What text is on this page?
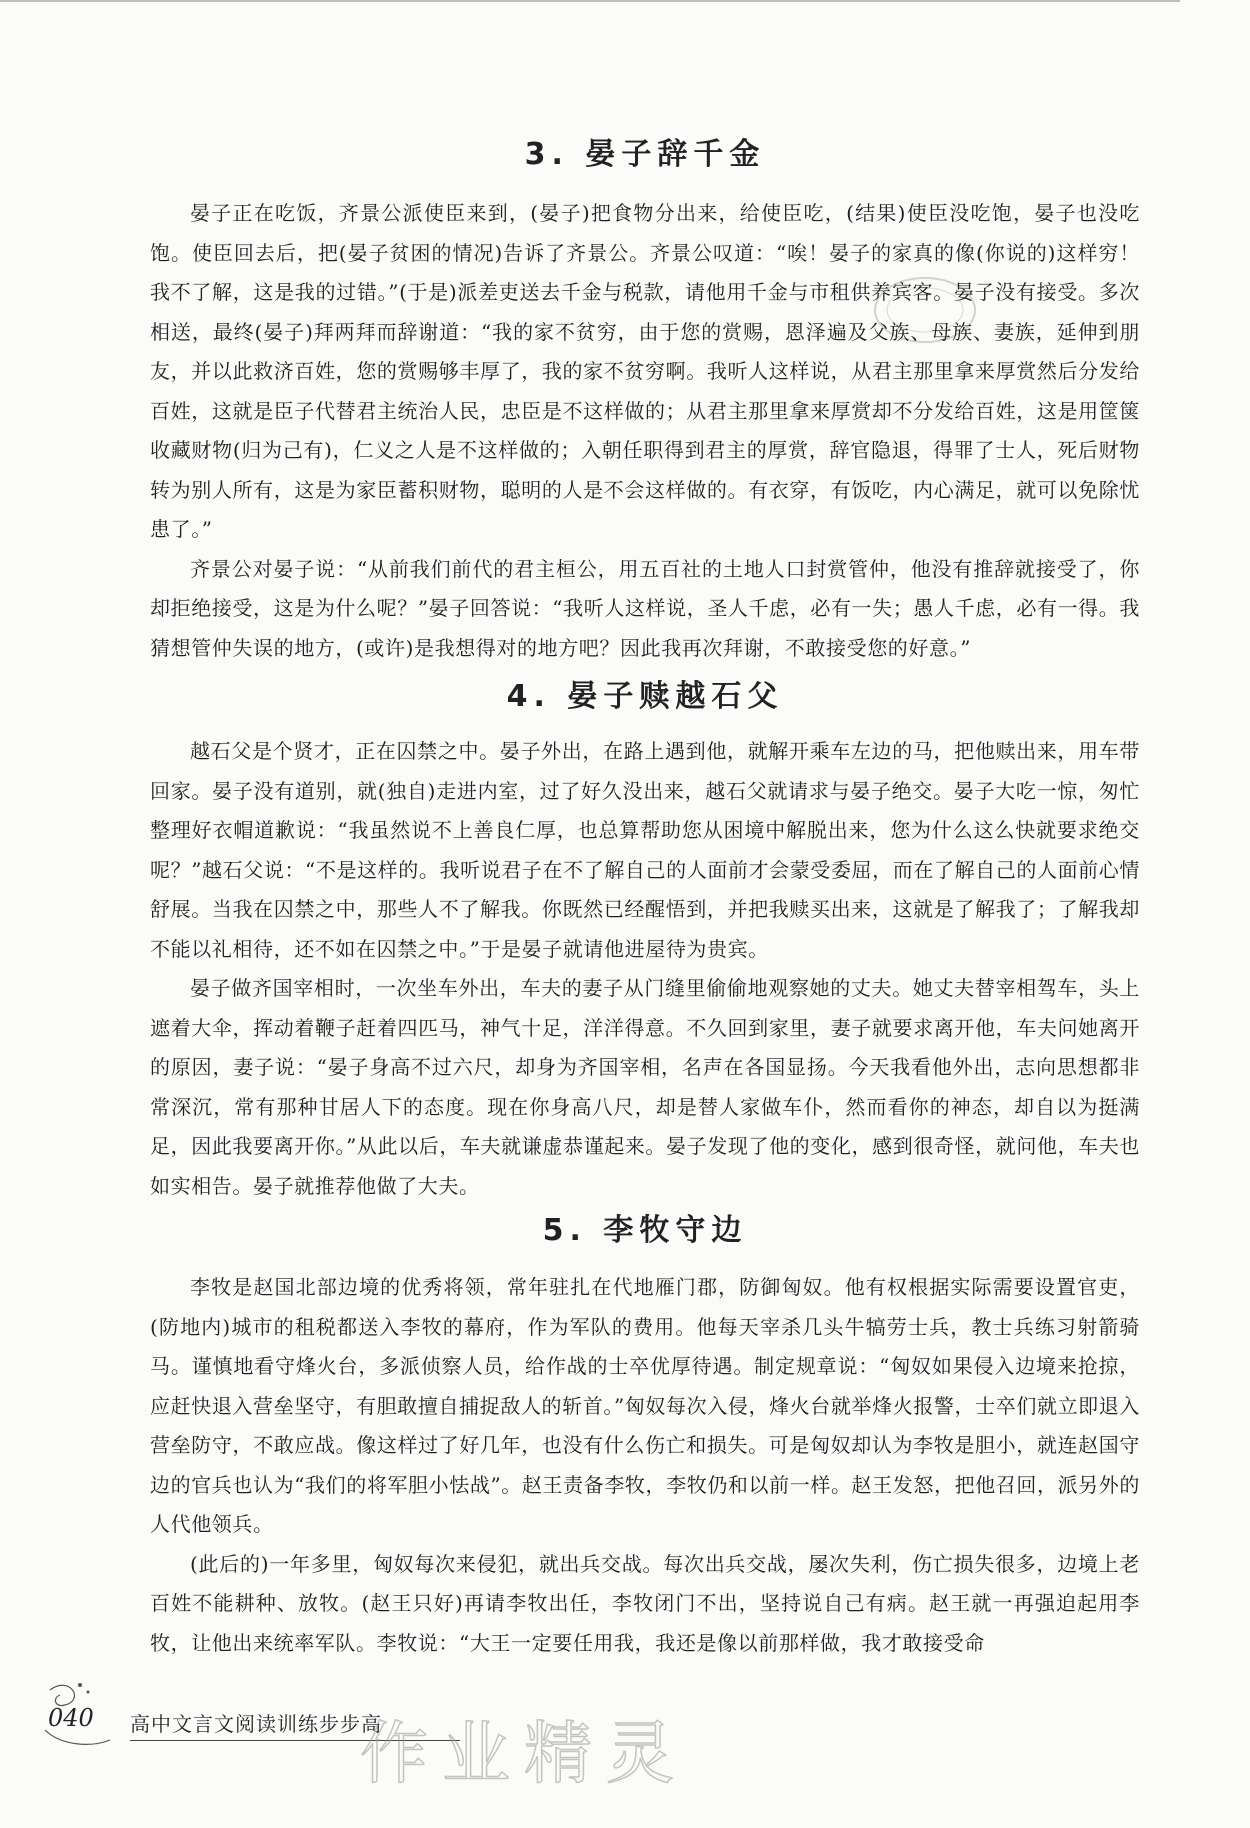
3. 晏子辞千金

晏子正在吃饭，齐景公派使臣来到，(晏子)把食物分出来，给使臣吃，(结果)使臣没吃饱，晏子也没吃饱。使臣回去后，把(晏子贫困的情况)告诉了齐景公。齐景公叹道：“唉！晏子的家真的像(你说的)这样穷！我不了解，这是我的过错。”(于是)派差吏送去千金与税款，请他用千金与市租供养宾客。晏子没有接受。多次相送，最终(晏子)拜两拜而辞谢道：“我的家不贫穷，由于您的赏赐，恩泽遍及父族、母族、妻族，延伸到朋友，并以此救济百姓，您的赏赐够丰厚了，我的家不贫穷啊。我听人这样说，从君主那里拿来厚赏然后分发给百姓，这就是臣子代替君主统治人民，忠臣是不这样做的；从君主那里拿来厚赏却不分发给百姓，这是用筐箧收藏财物(归为己有)，仁义之人是不这样做的；入朝任职得到君主的厚赏，辞官隐退，得罪了士人，死后财物转为别人所有，这是为家臣蓄积财物，聪明的人是不会这样做的。有衣穿，有饭吃，内心满足，就可以免除忧患了。”

齐景公对晏子说：“从前我们前代的君主桓公，用五百社的土地人口封赏管仲，他没有推辞就接受了，你却拒绝接受，这是为什么呢？”晏子回答说：“我听人这样说，圣人千虑，必有一失；愚人千虑，必有一得。我猜想管仲失误的地方，(或许)是我想得对的地方吧？因此我再次拜谢，不敢接受您的好意。”

4. 晏子赎越石父

越石父是个贤才，正在囚禁之中。晏子外出，在路上遇到他，就解开乘车左边的马，把他赎出来，用车带回家。晏子没有道别，就(独自)走进内室，过了好久没出来，越石父就请求与晏子绝交。晏子大吃一惊，匆忙整理好衣帽道歉说：“我虽然说不上善良仁厚，也总算帮助您从困境中解脱出来，您为什么这么快就要求绝交呢？”越石父说：“不是这样的。我听说君子在不了解自己的人面前才会蒙受委屈，而在了解自己的人面前心情舒展。当我在囚禁之中，那些人不了解我。你既然已经醒悟到，并把我赎买出来，这就是了解我了；了解我却不能以礼相待，还不如在囚禁之中。”于是晏子就请他进屋待为贵宾。

晏子做齐国宰相时，一次坐车外出，车夫的妻子从门缝里偷偷地观察她的丈夫。她丈夫替宰相驾车，头上遮着大伞，挥动着鞭子赶着四匹马，神气十足，洋洋得意。不久回到家里，妻子就要求离开他，车夫问她离开的原因，妻子说：“晏子身高不过六尺，却身为齐国宰相，名声在各国显扬。今天我看他外出，志向思想都非常深沉，常有那种甘居人下的态度。现在你身高八尺，却是替人家做车仆，然而看你的神态，却自以为挺满足，因此我要离开你。”从此以后，车夫就谦虚恭谨起来。晏子发现了他的变化，感到很奇怪，就问他，车夫也如实相告。晏子就推荐他做了大夫。

5. 李牧守边

李牧是赵国北部边境的优秀将领，常年驻扎在代地雁门郡，防御匈奴。他有权根据实际需要设置官吏，(防地内)城市的租税都送入李牧的幕府，作为军队的费用。他每天宰杀几头牛犒劳士兵，教士兵练习射箭骑马。谨慎地看守烽火台，多派侦察人员，给作战的士卒优厚待遇。制定规章说：“匈奴如果侵入边境来抢掠，应赶快退入营垒坚守，有胆敢擅自捕捉敌人的斩首。”匈奴每次入侵，烽火台就举烽火报警，士卒们就立即退入营垒防守，不敢应战。像这样过了好几年，也没有什么伤亡和损失。可是匈奴却认为李牧是胆小，就连赵国守边的官兵也认为“我们的将军胆小怯战”。赵王责备李牧，李牧仍和以前一样。赵王发怒，把他召回，派另外的人代他领兵。

(此后的)一年多里，匈奴每次来侵犯，就出兵交战。每次出兵交战，屡次失利，伤亡损失很多，边境上老百姓不能耕种、放牧。(赵王只好)再请李牧出任，李牧闭门不出，坚持说自己有病。赵王就一再强迫起用李牧，让他出来统率军队。李牧说：“大王一定要任用我，我还是像以前那样做，我才敢接受命

040 高中文言文阅读训练步步高
作业精灵
